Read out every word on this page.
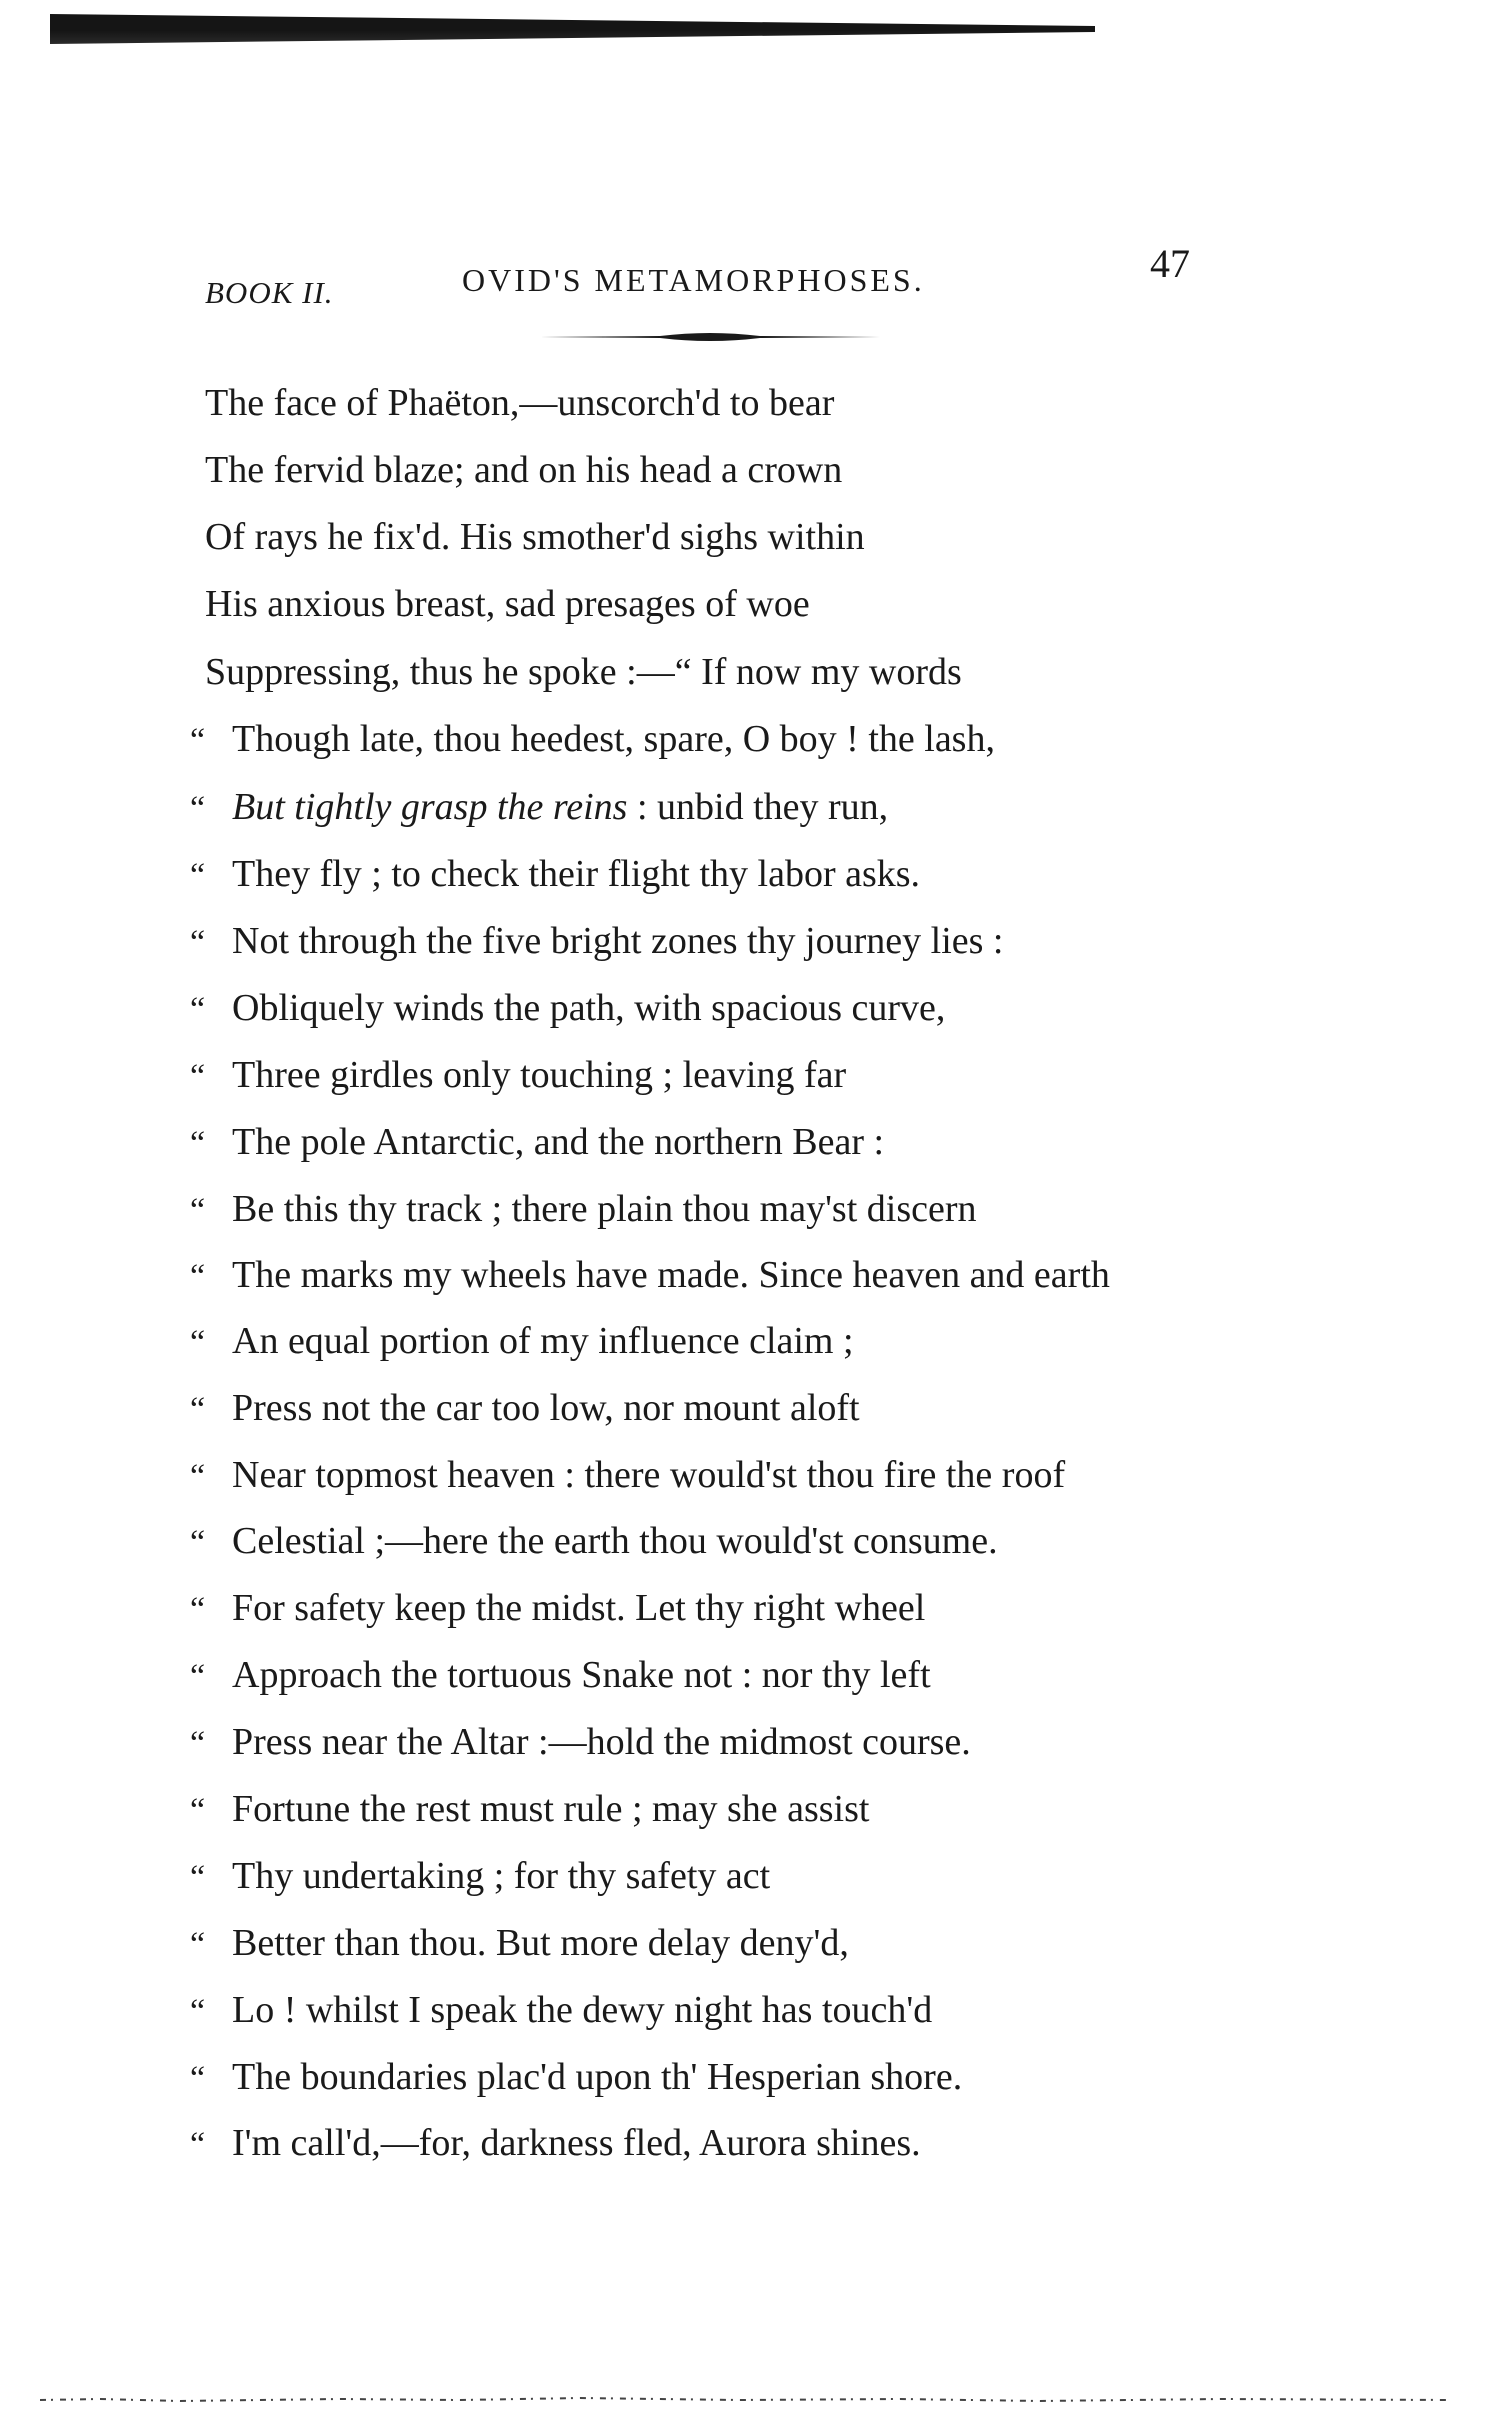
BOOK II.	OVID'S METAMORPHOSES.	47
The face of Phaëton,—unscorch'd to bear
The fervid blaze; and on his head a crown
Of rays he fix'd. His smother'd sighs within
His anxious breast, sad presages of woe
Suppressing, thus he spoke :—“ If now my words
“ Though late, thou heedest, spare, O boy ! the lash,
“ But tightly grasp the reins : unbid they run,
“ They fly ; to check their flight thy labor asks.
“ Not through the five bright zones thy journey lies :
“ Obliquely winds the path, with spacious curve,
“ Three girdles only touching ; leaving far
“ The pole Antarctic, and the northern Bear :
“ Be this thy track ; there plain thou may'st discern
“ The marks my wheels have made. Since heaven and earth
“ An equal portion of my influence claim ;
“ Press not the car too low, nor mount aloft
“ Near topmost heaven : there would'st thou fire the roof
“ Celestial ;—here the earth thou would'st consume.
“ For safety keep the midst. Let thy right wheel
“ Approach the tortuous Snake not : nor thy left
“ Press near the Altar :—hold the midmost course.
“ Fortune the rest must rule ; may she assist
“ Thy undertaking ; for thy safety act
“ Better than thou. But more delay deny'd,
“ Lo ! whilst I speak the dewy night has touch'd
“ The boundaries plac'd upon th' Hesperian shore.
“ I'm call'd,—for, darkness fled, Aurora shines.
